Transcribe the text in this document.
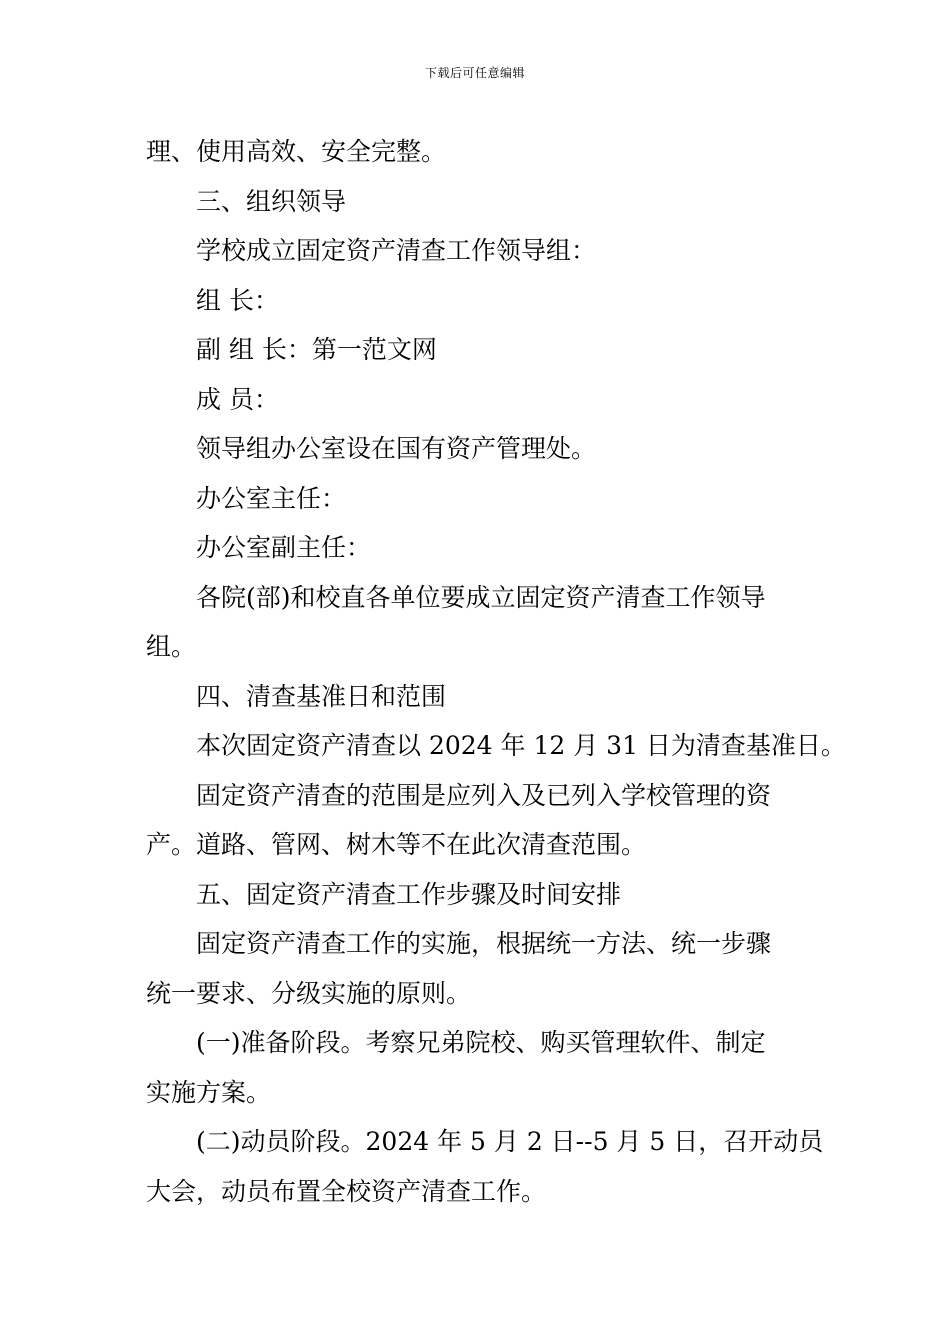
下载后可任意编辑
理、使用高效、安全完整。
三、组织领导
学校成立固定资产清查工作领导组：
组 长：
副 组 长：第一范文网
成 员：
领导组办公室设在国有资产管理处。
办公室主任：
办公室副主任：
各院(部)和校直各单位要成立固定资产清查工作领导
组。
四、清查基准日和范围
本次固定资产清查以 2024 年 12 月 31 日为清查基准日。
固定资产清查的范围是应列入及已列入学校管理的资
产。道路、管网、树木等不在此次清查范围。
五、固定资产清查工作步骤及时间安排
固定资产清查工作的实施，根据统一方法、统一步骤
统一要求、分级实施的原则。
(一)准备阶段。考察兄弟院校、购买管理软件、制定
实施方案。
(二)动员阶段。2024 年 5 月 2 日--5 月 5 日，召开动员
大会，动员布置全校资产清查工作。
